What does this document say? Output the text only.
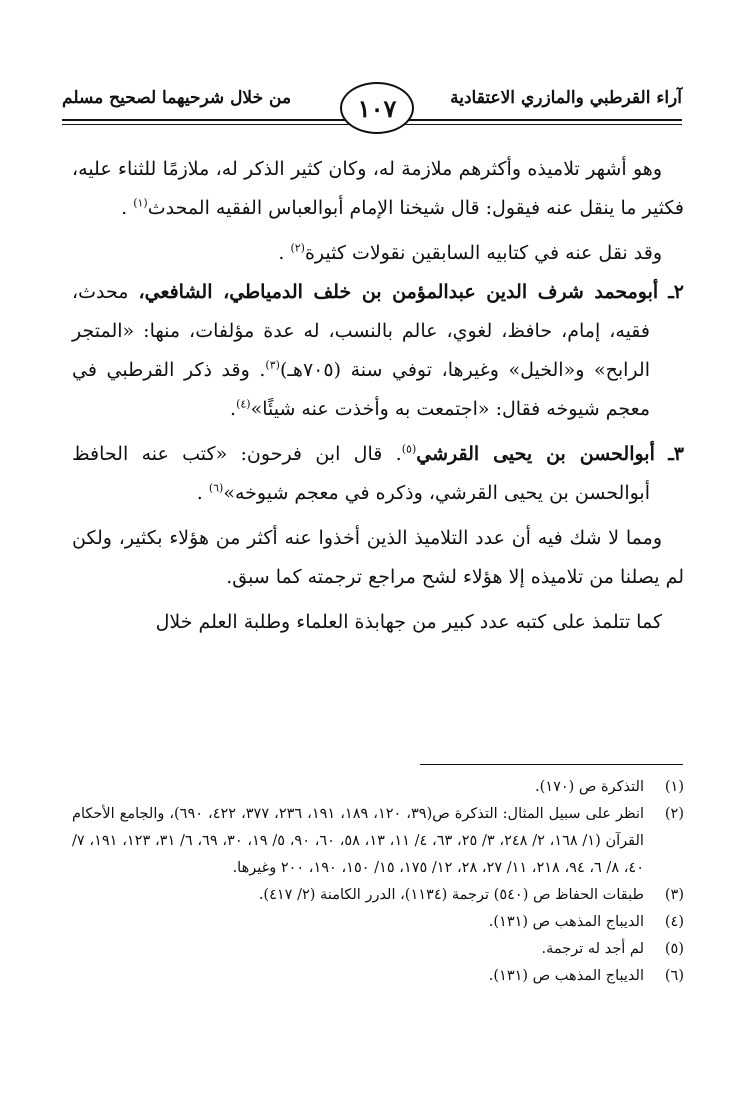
آراء القرطبي والمازري الاعتقادية
من خلال شرحيهما لصحيح مسلم	١٠٧

وهو أشهر تلاميذه وأكثرهم ملازمة له، وكان كثير الذكر له، ملازمًا للثناء عليه، فكثير ما ينقل عنه فيقول: قال شيخنا الإمام أبوالعباس الفقيه المحدث$^{(١)}$ .

وقد نقل عنه في كتابيه السابقين نقولات كثيرة$^{(٢)}$ .

٢ـ أبومحمد شرف الدين عبدالمؤمن بن خلف الدمياطي، الشافعي، محدث، فقيه، إمام، حافظ، لغوي، عالم بالنسب، له عدة مؤلفات، منها: «المتجر الرابح» و«الخيل» وغيرها، توفي سنة (٧٠٥هـ)$^{(٣)}$. وقد ذكر القرطبي في معجم شيوخه فقال: «اجتمعت به وأخذت عنه شيئًا»$^{(٤)}$.

٣ـ أبوالحسن بن يحيى القرشي$^{(٥)}$. قال ابن فرحون: «كتب عنه الحافظ أبوالحسن بن يحيى القرشي، وذكره في معجم شيوخه»$^{(٦)}$ .

ومما لا شك فيه أن عدد التلاميذ الذين أخذوا عنه أكثر من هؤلاء بكثير، ولكن لم يصلنا من تلاميذه إلا هؤلاء لشح مراجع ترجمته كما سبق.

كما تتلمذ على كتبه عدد كبير من جهابذة العلماء وطلبة العلم خلال

(١)
التذكرة ص (١٧٠).
(٢)
انظر على سبيل المثال: التذكرة ص(٣٩، ١٢٠، ١٨٩، ١٩١، ٢٣٦، ٣٧٧، ٤٢٢، ٦٩٠)، والجامع الأحكام القرآن (١/ ١٦٨، ٢/ ٢٤٨، ٣/ ٢٥، ٦٣، ٤/ ١١، ١٣، ٥٨، ٦٠، ٩٠، ٥/ ١٩، ٣٠، ٦٩، ٦/ ٣١، ١٢٣، ١٩١، ٧/ ٤٠، ٨/ ٦، ٩٤، ٢١٨، ١١/ ٢٧، ٢٨، ١٢/ ١٧٥، ١٥/ ١٥٠، ١٩٠، ٢٠٠ وغيرها.
(٣)
طبقات الحفاظ ص (٥٤٠) ترجمة (١١٣٤)، الدرر الكامنة (٢/ ٤١٧).
(٤)
الديباج المذهب ص (١٣١).
(٥)
لم أجد له ترجمة.
(٦)
الديباج المذهب ص (١٣١).
